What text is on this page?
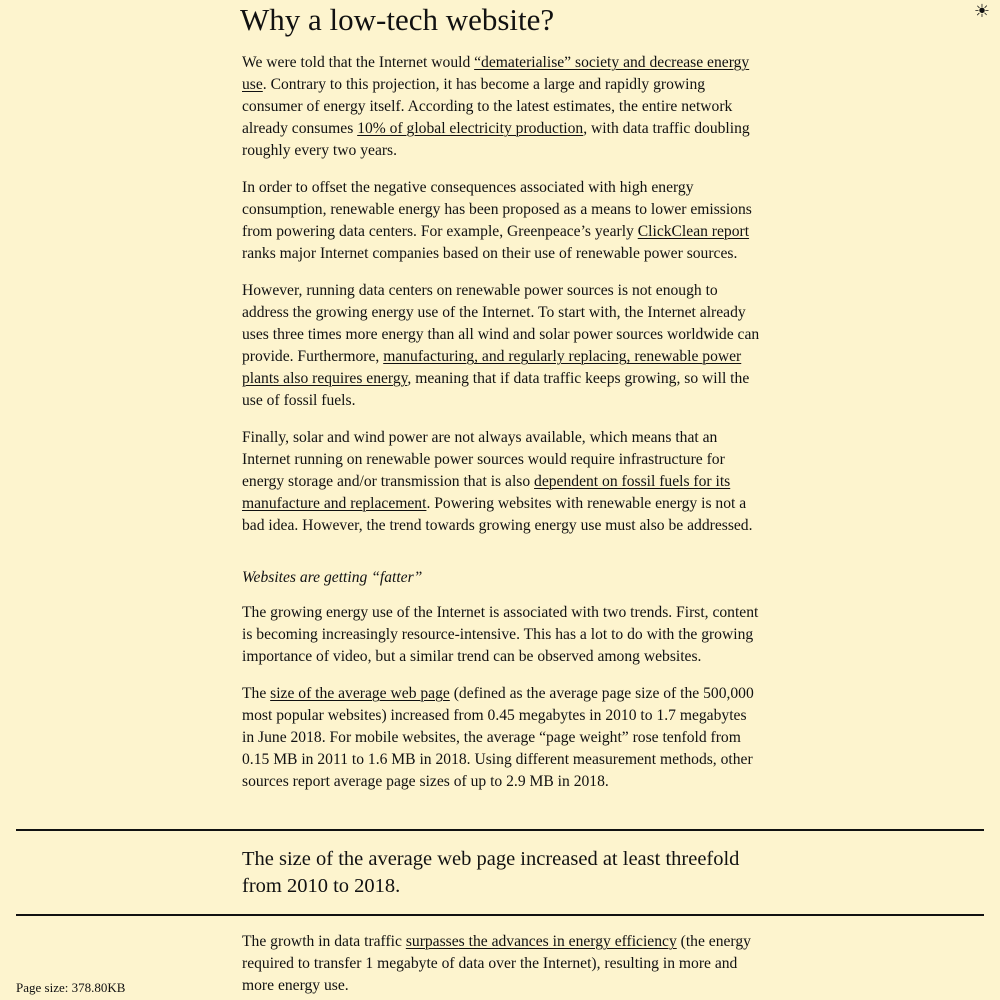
☀
Why a low-tech website?

We were told that the Internet would “dematerialise” society and decrease energy use. Contrary to this projection, it has become a large and rapidly growing consumer of energy itself. According to the latest estimates, the entire network already consumes 10% of global electricity production, with data traffic doubling roughly every two years.

In order to offset the negative consequences associated with high energy consumption, renewable energy has been proposed as a means to lower emissions from powering data centers. For example, Greenpeace’s yearly ClickClean report ranks major Internet companies based on their use of renewable power sources.

However, running data centers on renewable power sources is not enough to address the growing energy use of the Internet. To start with, the Internet already uses three times more energy than all wind and solar power sources worldwide can provide. Furthermore, manufacturing, and regularly replacing, renewable power plants also requires energy, meaning that if data traffic keeps growing, so will the use of fossil fuels.

Finally, solar and wind power are not always available, which means that an Internet running on renewable power sources would require infrastructure for energy storage and/or transmission that is also dependent on fossil fuels for its manufacture and replacement. Powering websites with renewable energy is not a bad idea. However, the trend towards growing energy use must also be addressed.

Websites are getting “fatter”

The growing energy use of the Internet is associated with two trends. First, content is becoming increasingly resource-intensive. This has a lot to do with the growing importance of video, but a similar trend can be observed among websites.

The size of the average web page (defined as the average page size of the 500,000 most popular websites) increased from 0.45 megabytes in 2010 to 1.7 megabytes in June 2018. For mobile websites, the average “page weight” rose tenfold from 0.15 MB in 2011 to 1.6 MB in 2018. Using different measurement methods, other sources report average page sizes of up to 2.9 MB in 2018.

The size of the average web page increased at least threefold from 2010 to 2018.

The growth in data traffic surpasses the advances in energy efficiency (the energy required to transfer 1 megabyte of data over the Internet), resulting in more and more energy use.

Page size: 378.80KB
